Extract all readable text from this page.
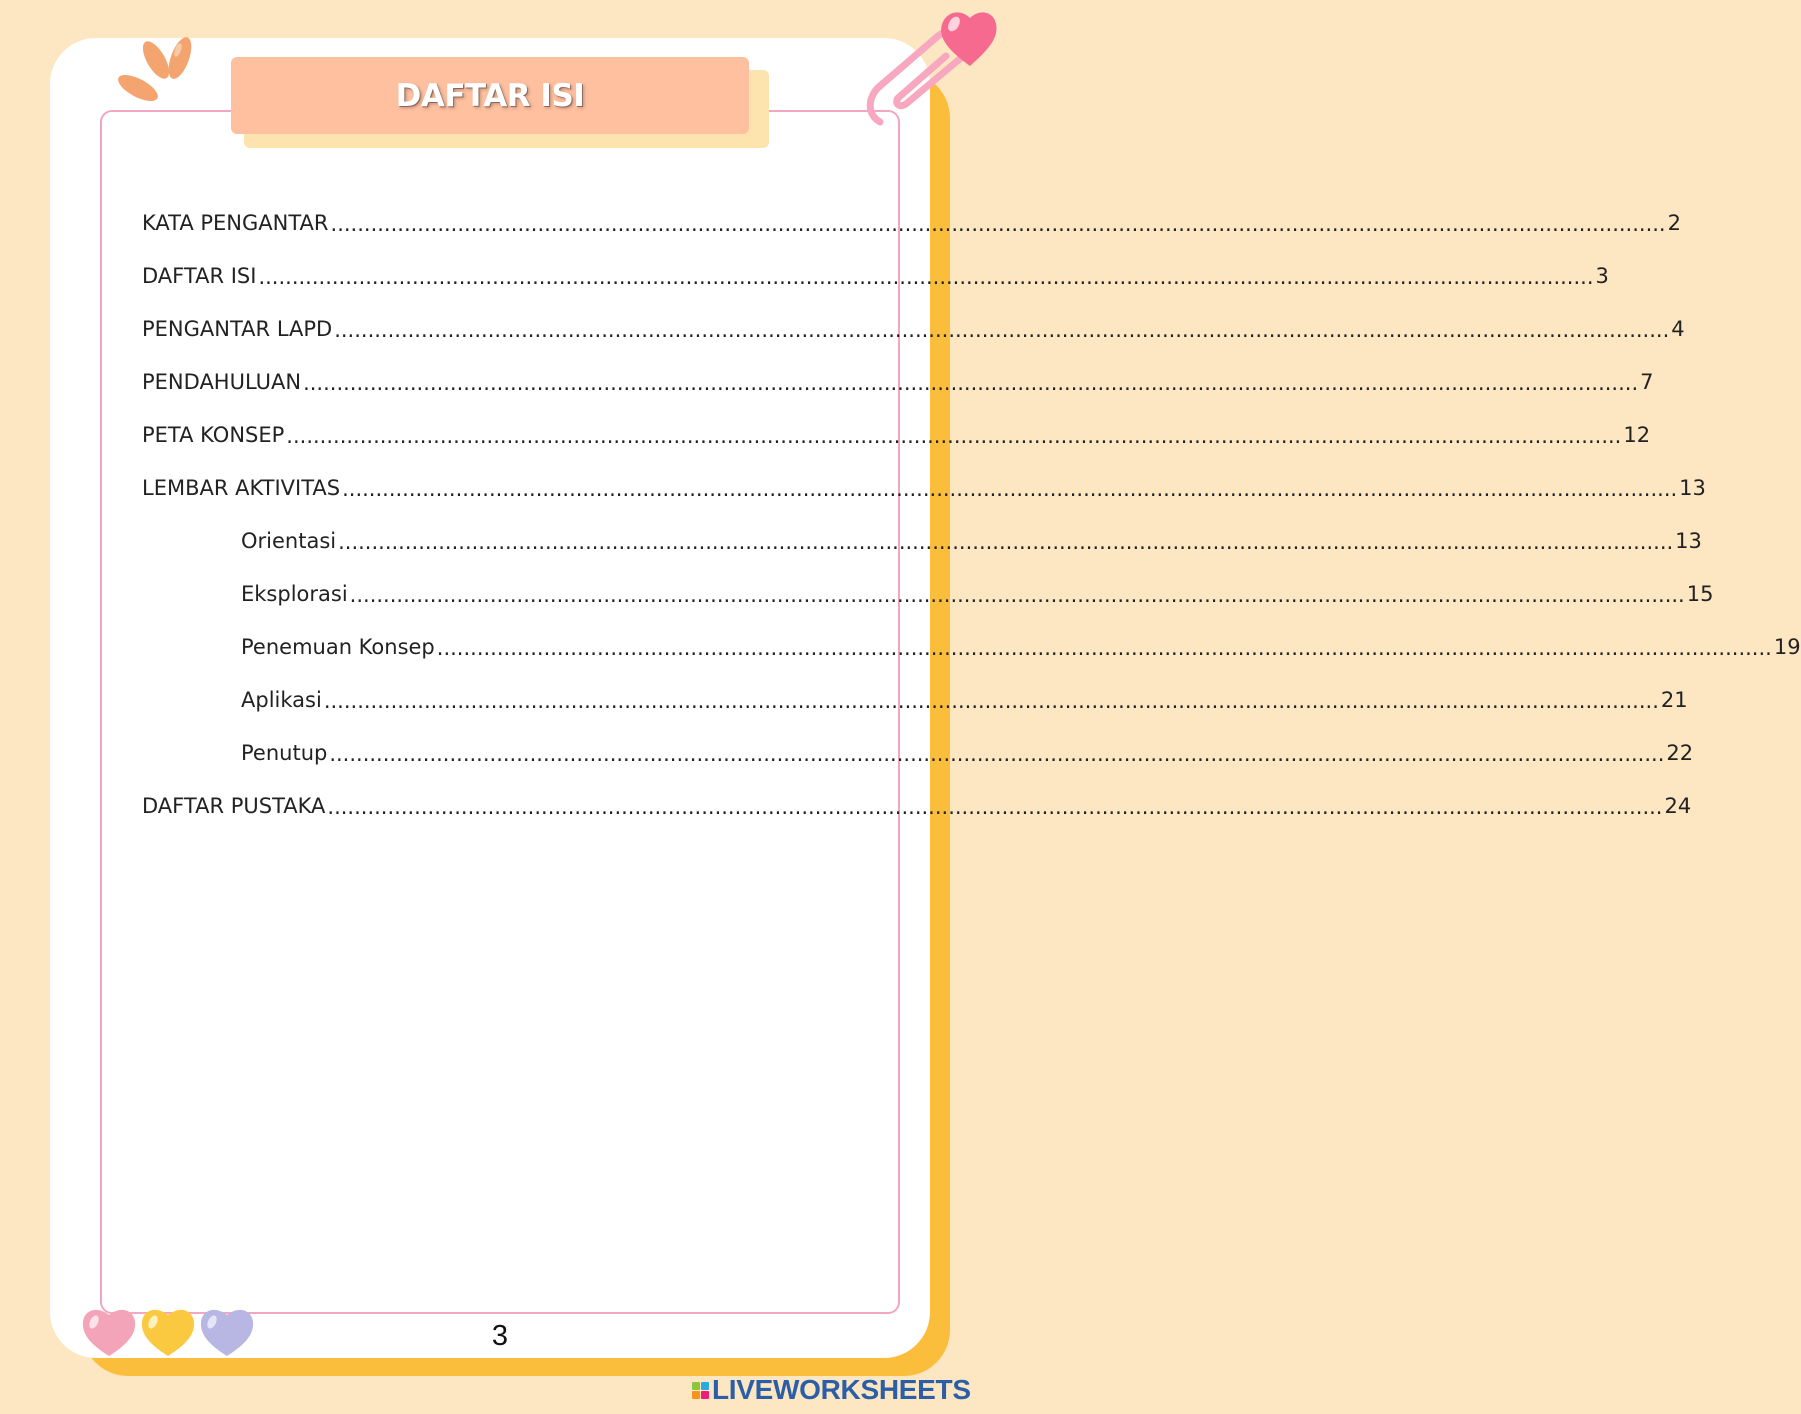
DAFTAR ISI
KATA PENGANTAR ........................................................................................................................................................................................................ 2
DAFTAR ISI ........................................................................................................................................................................................................ 3
PENGANTAR LAPD ........................................................................................................................................................................................................ 4
PENDAHULUAN ........................................................................................................................................................................................................ 7
PETA KONSEP ........................................................................................................................................................................................................ 12
LEMBAR AKTIVITAS ........................................................................................................................................................................................................ 13
Orientasi ........................................................................................................................................................................................................ 13
Eksplorasi ........................................................................................................................................................................................................ 15
Penemuan Konsep ........................................................................................................................................................................................................ 19
Aplikasi ........................................................................................................................................................................................................ 21
Penutup ........................................................................................................................................................................................................ 22
DAFTAR PUSTAKA ........................................................................................................................................................................................................ 24
3
LIVEWORKSHEETS
